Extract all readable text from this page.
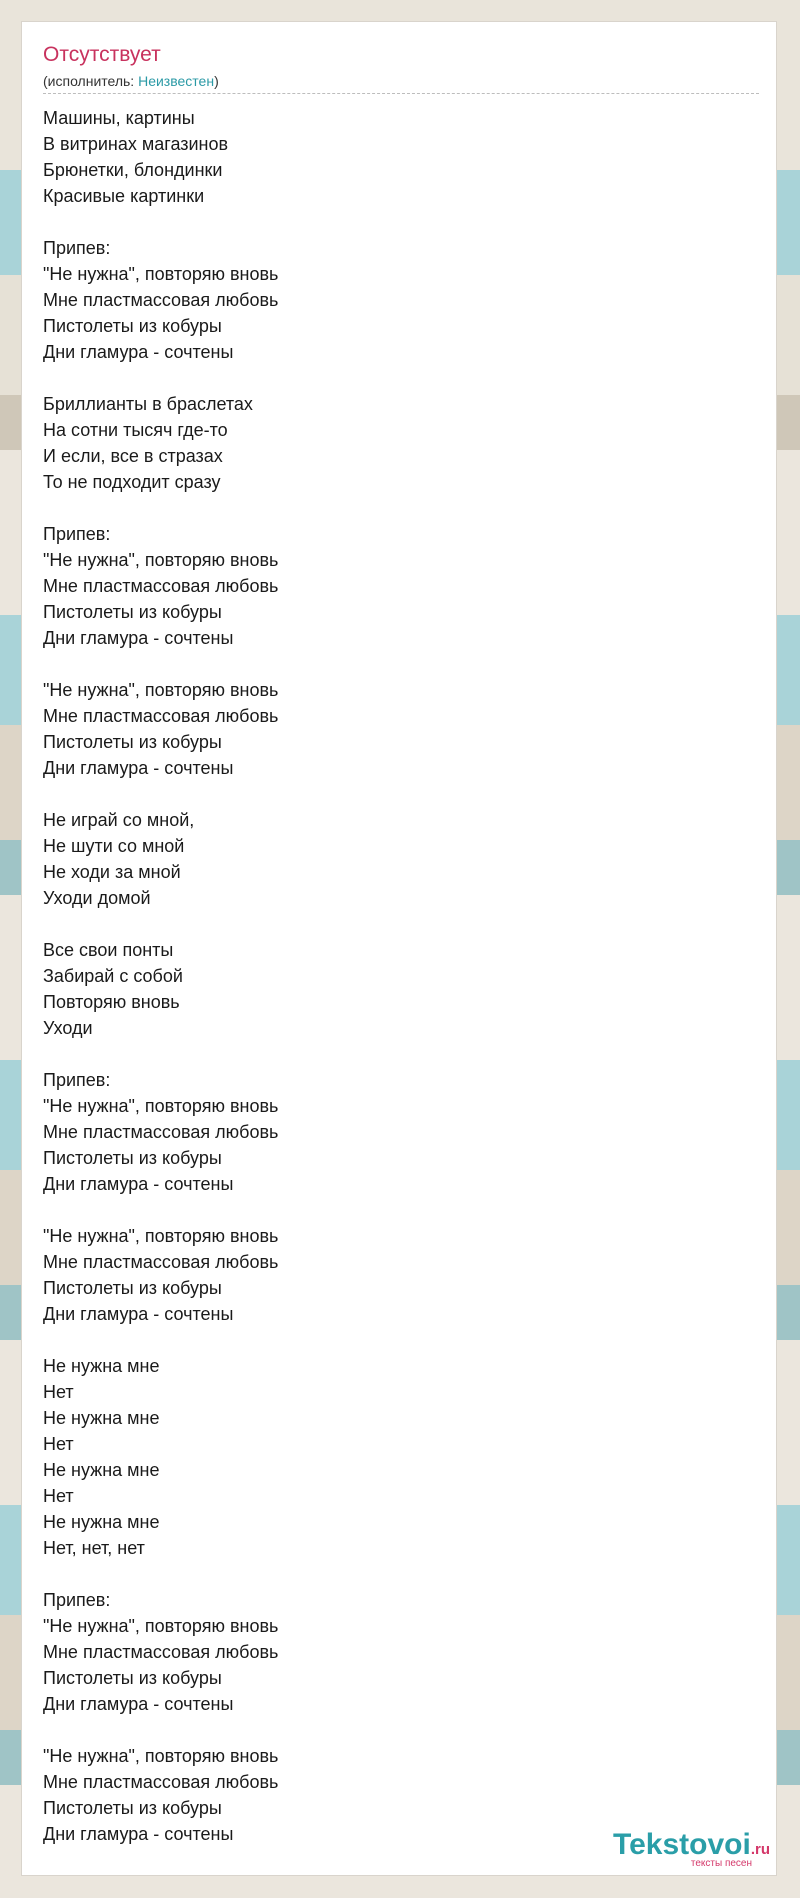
Отсутствует
(исполнитель: Неизвестен)
Машины, картины
В витринах магазинов
Брюнетки, блондинки
Красивые картинки
Припев:
"Не нужна", повторяю вновь
Мне пластмассовая любовь
Пистолеты из кобуры
Дни гламура - сочтены
Бриллианты в браслетах
На сотни тысяч где-то
И если, все в стразах
То не подходит сразу
Припев:
"Не нужна", повторяю вновь
Мне пластмассовая любовь
Пистолеты из кобуры
Дни гламура - сочтены
"Не нужна", повторяю вновь
Мне пластмассовая любовь
Пистолеты из кобуры
Дни гламура - сочтены
Не играй со мной,
Не шути со мной
Не ходи за мной
Уходи домой
Все свои понты
Забирай с собой
Повторяю вновь
Уходи
Припев:
"Не нужна", повторяю вновь
Мне пластмассовая любовь
Пистолеты из кобуры
Дни гламура - сочтены
"Не нужна", повторяю вновь
Мне пластмассовая любовь
Пистолеты из кобуры
Дни гламура - сочтены
Не нужна мне
Нет
Не нужна мне
Нет
Не нужна мне
Нет
Не нужна мне
Нет, нет, нет
Припев:
"Не нужна", повторяю вновь
Мне пластмассовая любовь
Пистолеты из кобуры
Дни гламура - сочтены
"Не нужна", повторяю вновь
Мне пластмассовая любовь
Пистолеты из кобуры
Дни гламура - сочтены	Tekstovoi.ru
тексты песен
